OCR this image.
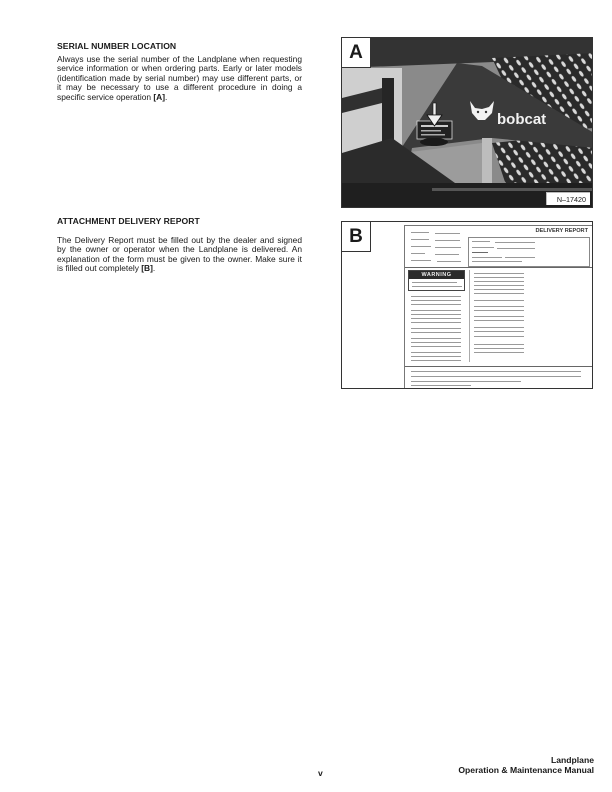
SERIAL NUMBER LOCATION
Always use the serial number of the Landplane when requesting service information or when ordering parts. Early or later models (identification made by serial number) may use different parts, or it may be necessary to use a different procedure in doing a specific service operation [A].
ATTACHMENT DELIVERY REPORT
The Delivery Report must be filled out by the dealer and signed by the owner or operator when the Landplane is delivered. An explanation of the form must be given to the owner. Make sure it is filled out completely [B].
A
bobcat
N–17420
B	DELIVERY REPORT
WARNING
v
Landplane
Operation & Maintenance Manual
